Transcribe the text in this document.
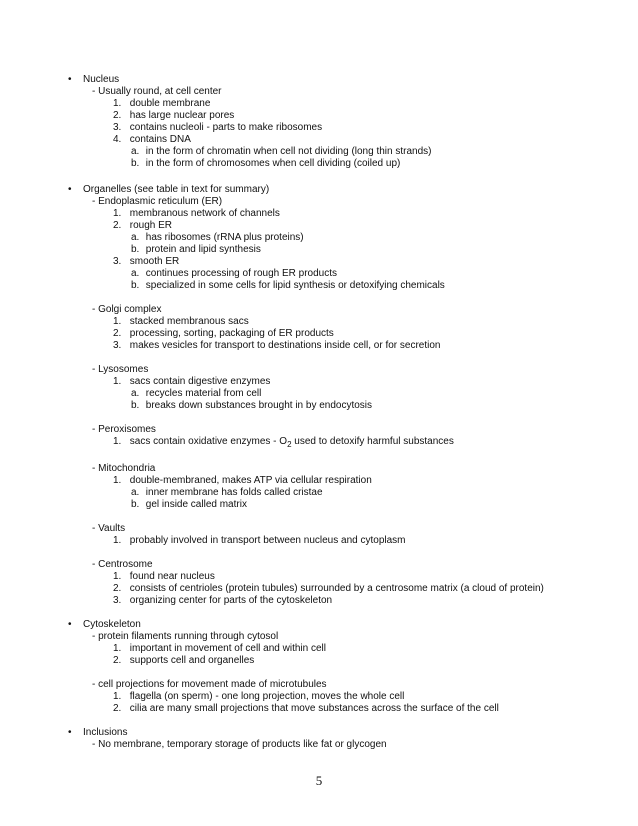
• Nucleus
- Usually round, at cell center
1. double membrane
2. has large nuclear pores
3. contains nucleoli - parts to make ribosomes
4. contains DNA
a. in the form of chromatin when cell not dividing (long thin strands)
b. in the form of chromosomes when cell dividing (coiled up)
• Organelles (see table in text for summary)
- Endoplasmic reticulum (ER)
1. membranous network of channels
2. rough ER
a. has ribosomes (rRNA plus proteins)
b. protein and lipid synthesis
3. smooth ER
a. continues processing of rough ER products
b. specialized in some cells for lipid synthesis or detoxifying chemicals
- Golgi complex
1. stacked membranous sacs
2. processing, sorting, packaging of ER products
3. makes vesicles for transport to destinations inside cell, or for secretion
- Lysosomes
1. sacs contain digestive enzymes
a. recycles material from cell
b. breaks down substances brought in by endocytosis
- Peroxisomes
1. sacs contain oxidative enzymes - $O_2$ used to detoxify harmful substances
- Mitochondria
1. double-membraned, makes ATP via cellular respiration
a. inner membrane has folds called cristae
b. gel inside called matrix
- Vaults
1. probably involved in transport between nucleus and cytoplasm
- Centrosome
1. found near nucleus
2. consists of centrioles (protein tubules) surrounded by a centrosome matrix (a cloud of protein)
3. organizing center for parts of the cytoskeleton
• Cytoskeleton
- protein filaments running through cytosol
1. important in movement of cell and within cell
2. supports cell and organelles
- cell projections for movement made of microtubules
1. flagella (on sperm) - one long projection, moves the whole cell
2. cilia are many small projections that move substances across the surface of the cell
• Inclusions
- No membrane, temporary storage of products like fat or glycogen
5
